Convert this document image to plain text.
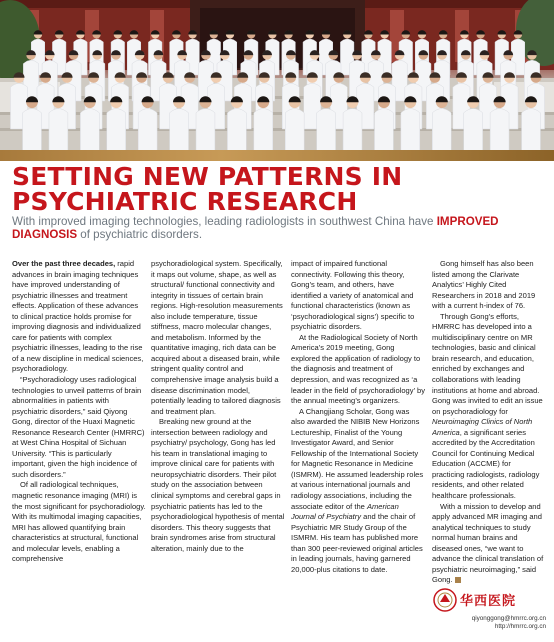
SETTING NEW PATTERNS IN
PSYCHIATRIC RESEARCH

With improved imaging technologies, leading radiologists in southwest China have IMPROVED DIAGNOSIS of psychiatric disorders.

Over the past three decades, rapid advances in brain imaging techniques have improved understanding of psychiatric illnesses and treatment effects. Application of these advances to clinical practice holds promise for improving diagnosis and individualized care for patients with complex psychiatric illnesses, leading to the rise of a new discipline in medical sciences, psychoradiology.

“Psychoradiology uses radiological technologies to unveil patterns of brain abnormalities in patients with psychiatric disorders,” said Qiyong Gong, director of the Huaxi Magnetic Resonance Research Center (HMRRC) at West China Hospital of Sichuan University. “This is particularly important, given the high incidence of such disorders.”

Of all radiological techniques, magnetic resonance imaging (MRI) is the most significant for psychoradiology. With its multimodal imaging capacities, MRI has allowed quantifying brain characteristics at structural, functional and molecular levels, enabling a comprehensive

psychoradiological system. Specifically, it maps out volume, shape, as well as structural/ functional connectivity and integrity in tissues of certain brain regions. High-resolution measurements also include temperature, tissue stiffness, macro molecular changes, and metabolism. Informed by the quantitative imaging, rich data can be acquired about a diseased brain, while stringent quality control and comprehensive image analysis build a disease discrimination model, potentially leading to tailored diagnosis and treatment plan.

Breaking new ground at the intersection between radiology and psychiatry/ psychology, Gong has led his team in translational imaging to improve clinical care for patients with neuropsychiatric disorders. Their pilot study on the association between clinical symptoms and cerebral gaps in psychiatric patients has led to the psychoradiological hypothesis of mental disorders. This theory suggests that brain syndromes arise from structural alteration, mainly due to the

impact of impaired functional connectivity. Following this theory, Gong’s team, and others, have identified a variety of anatomical and functional characteristics (known as ‘psychoradiological signs’) specific to psychiatric disorders.

At the Radiological Society of North America’s 2019 meeting, Gong explored the application of radiology to the diagnosis and treatment of depression, and was recognized as ‘a leader in the field of psychoradiology’ by the annual meeting’s organizers.

A Changjiang Scholar, Gong was also awarded the NIBIB New Horizons Lectureship, Finalist of the Young Investigator Award, and Senior Fellowship of the International Society for Magnetic Resonance in Medicine (ISMRM). He assumed leadership roles at various international journals and radiology associations, including the associate editor of the American Journal of Psychiatry and the chair of Psychiatric MR Study Group of the ISMRM. His team has published more than 300 peer-reviewed original articles in leading journals, having garnered 20,000-plus citations to date.

Gong himself has also been listed among the Clarivate Analytics’ Highly Cited Researchers in 2018 and 2019 with a current h-index of 76.

Through Gong’s efforts, HMRRC has developed into a multidisciplinary centre on MR technologies, basic and clinical brain research, and education, enriched by exchanges and collaborations with leading institutions at home and abroad. Gong was invited to edit an issue on psychoradiology for Neuroimaging Clinics of North America, a significant series accredited by the Accreditation Council for Continuing Medical Education (ACCME) for practicing radiologists, radiology residents, and other related healthcare professionals.

With a mission to develop and apply advanced MR imaging and analytical techniques to study normal human brains and diseased ones, “we want to advance the clinical translation of psychiatric neuroimaging,” said Gong.

华西医院
qiyonggong@hmrrc.org.cn
http://hmrrc.org.cn
